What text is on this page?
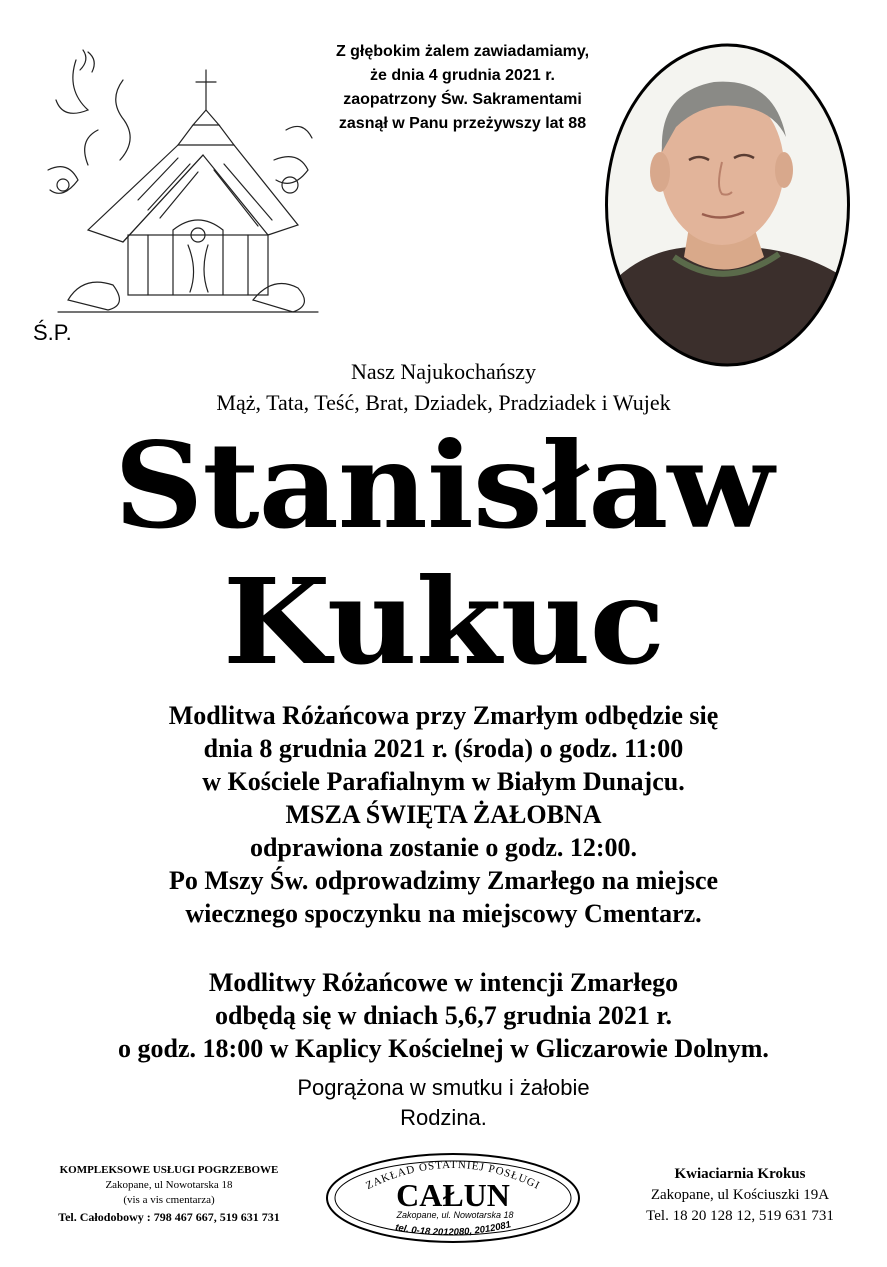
Ś.P.
Z głębokim żalem zawiadamiamy,
że dnia 4 grudnia 2021 r.
zaopatrzony Św. Sakramentami
zasnął w Panu przeżywszy lat 88
Nasz Najukochańszy
Mąż, Tata, Teść, Brat, Dziadek, Pradziadek i Wujek
Stanisław
Kukuc
Modlitwa Różańcowa przy Zmarłym odbędzie się
dnia 8 grudnia 2021 r. (środa) o godz. 11:00
w Kościele Parafialnym w Białym Dunajcu.
MSZA ŚWIĘTA ŻAŁOBNA
odprawiona zostanie o godz. 12:00.
Po Mszy Św. odprowadzimy Zmarłego na miejsce
wiecznego spoczynku na miejscowy Cmentarz.
Modlitwy Różańcowe w intencji Zmarłego
odbędą się w dniach 5,6,7 grudnia 2021 r.
o godz. 18:00 w Kaplicy Kościelnej w Gliczarowie Dolnym.
Pogrążona w smutku i żałobie
Rodzina.
KOMPLEKSOWE USŁUGI POGRZEBOWE
Zakopane, ul Nowotarska 18
(vis a vis cmentarza)
Tel. Całodobowy : 798 467 667, 519 631 731
ZAKŁAD OSTATNIEJ POSŁUGI
CAŁUN
Zakopane, ul. Nowotarska 18
tel. 0-18 2012080, 2012081
Kwiaciarnia Krokus
Zakopane, ul Kościuszki 19A
Tel. 18 20 128 12, 519 631 731
